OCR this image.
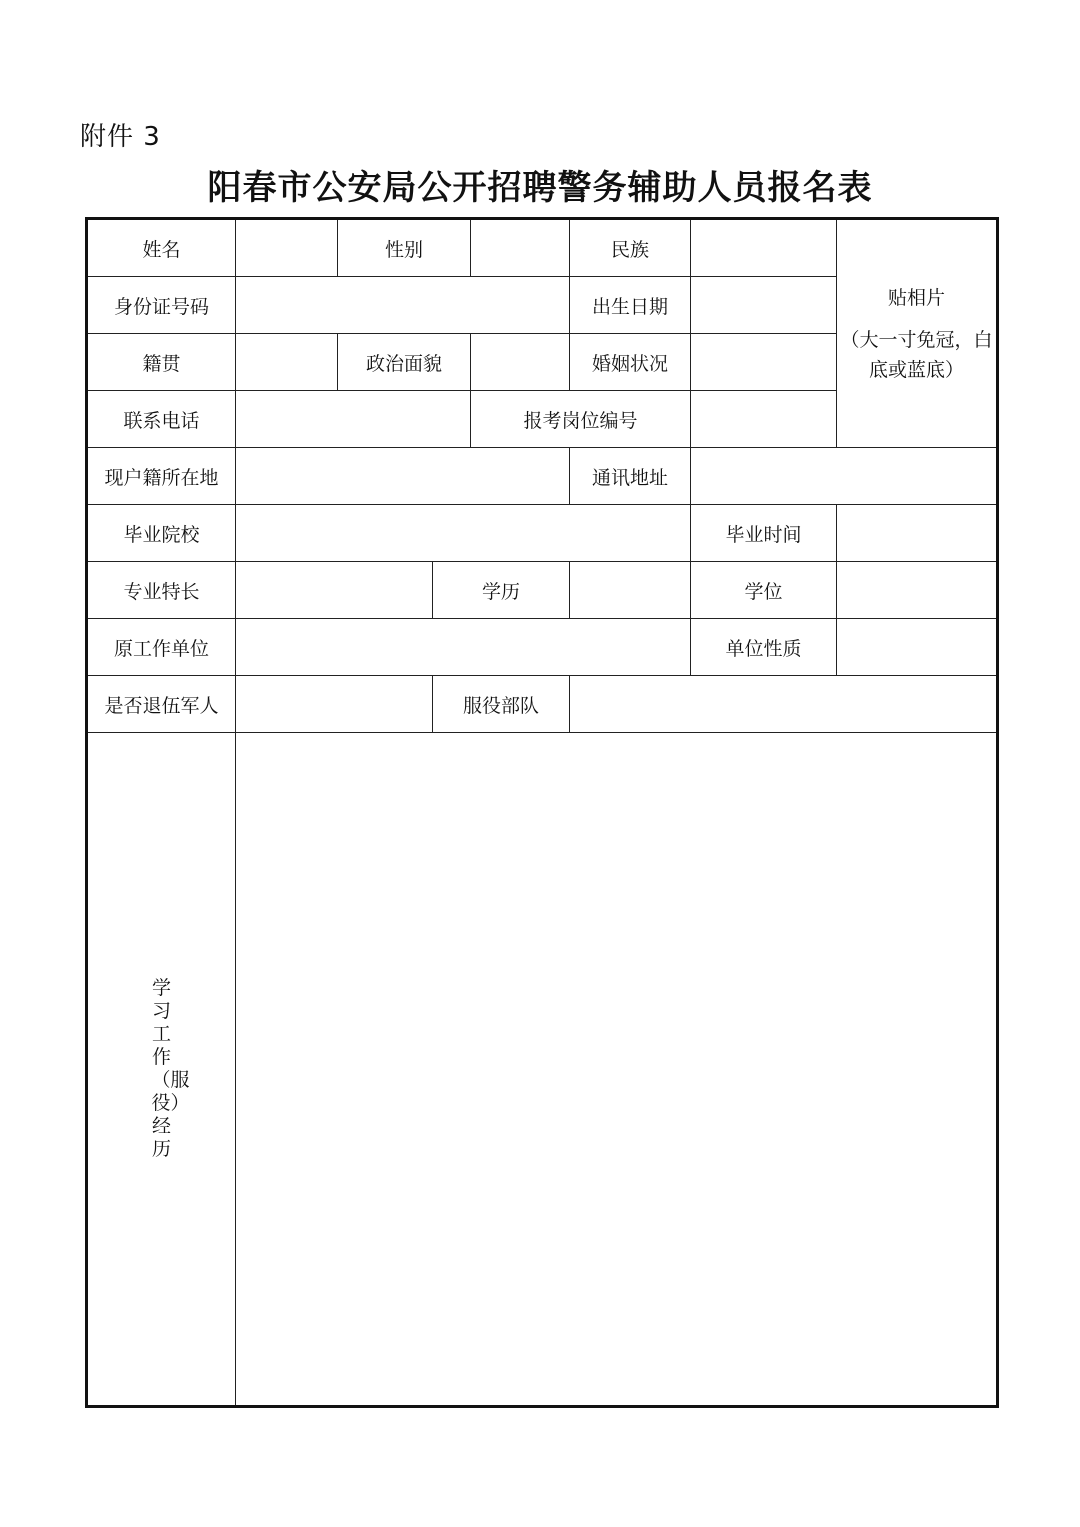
附件 3
阳春市公安局公开招聘警务辅助人员报名表
姓名		性别			民族		贴相片
（大一寸免冠，白底或蓝底）

身份证号码					出生日期		
籍贯		政治面貌			婚姻状况		
联系电话				报考岗位编号			
现户籍所在地					通讯地址		
毕业院校						毕业时间	
专业特长			学历			学位	
原工作单位						单位性质	
是否退伍军人			服役部队				

学习工作（服役）经历							
